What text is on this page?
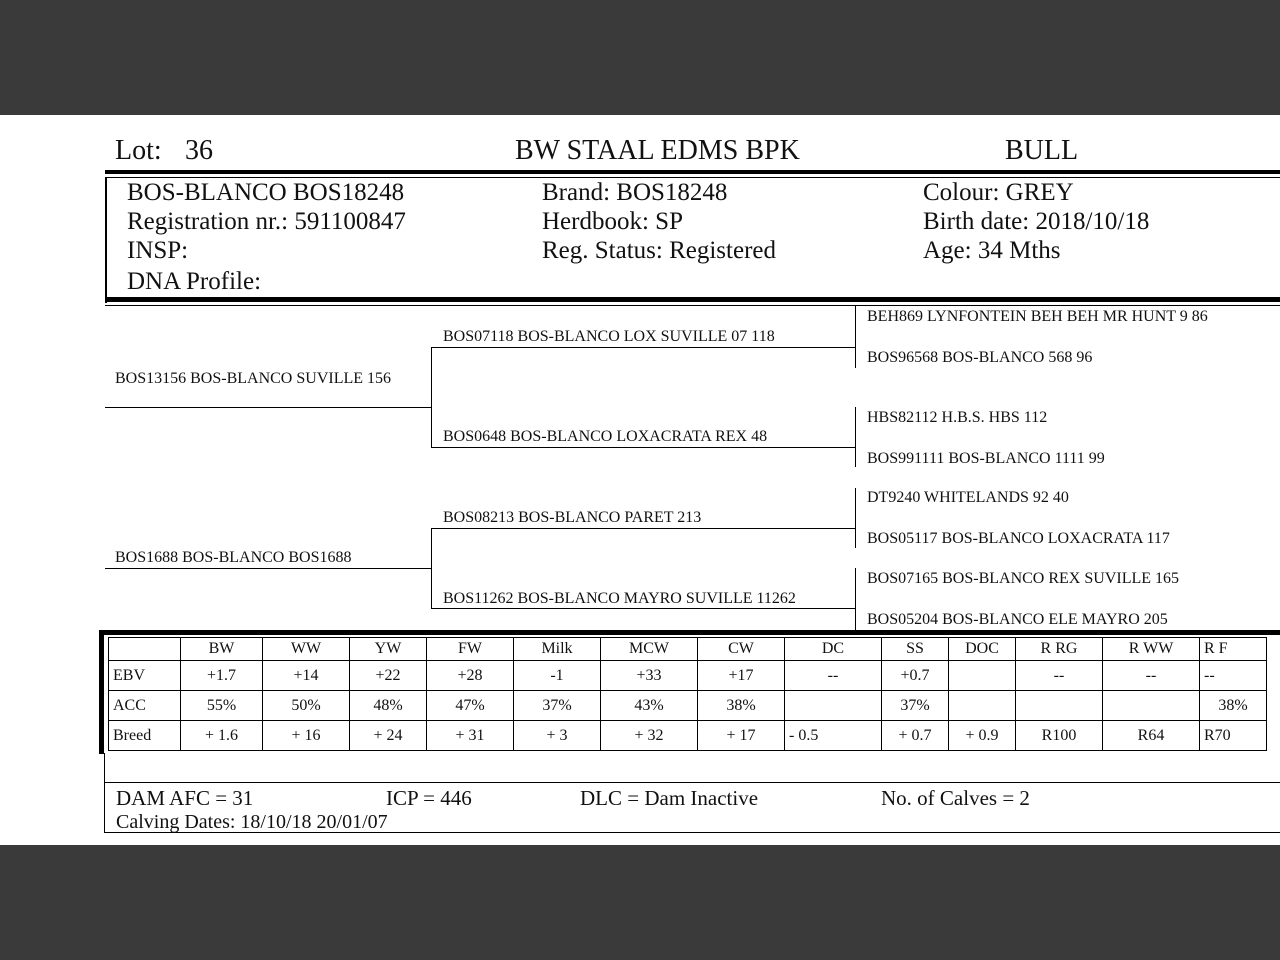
Lot: 36	BW STAAL EDMS BPK	BULL
BOS-BLANCO BOS18248
Registration nr.: 591100847
INSP:
DNA Profile:
Brand: BOS18248
Herdbook: SP
Reg. Status: Registered
Colour: GREY
Birth date: 2018/10/18
Age: 34 Mths
BOS13156 BOS-BLANCO SUVILLE 156
BOS1688 BOS-BLANCO BOS1688
BOS07118 BOS-BLANCO LOX SUVILLE 07 118
BOS0648 BOS-BLANCO LOXACRATA REX 48
BOS08213 BOS-BLANCO PARET 213
BOS11262 BOS-BLANCO MAYRO SUVILLE 11262
BEH869 LYNFONTEIN BEH BEH MR HUNT 9 86
BOS96568 BOS-BLANCO 568 96
HBS82112 H.B.S. HBS 112
BOS991111 BOS-BLANCO 1111 99
DT9240 WHITELANDS 92 40
BOS05117 BOS-BLANCO LOXACRATA 117
BOS07165 BOS-BLANCO REX SUVILLE 165
BOS05204 BOS-BLANCO ELE MAYRO 205
	BW	WW	YW	FW	Milk	MCW	CW	DC	SS	DOC	R RG	R WW	R F
EBV	+1.7	+14	+22	+28	-1	+33	+17	--	+0.7		--	--	--
ACC	55%	50%	48%	47%	37%	43%	38%		37%				38%
Breed	+ 1.6	+ 16	+ 24	+ 31	+ 3	+ 32	+ 17	- 0.5	+ 0.7	+ 0.9	R100	R64	R70
DAM AFC = 31	ICP = 446	DLC = Dam Inactive	No. of Calves = 2
Calving Dates: 18/10/18 20/01/07
